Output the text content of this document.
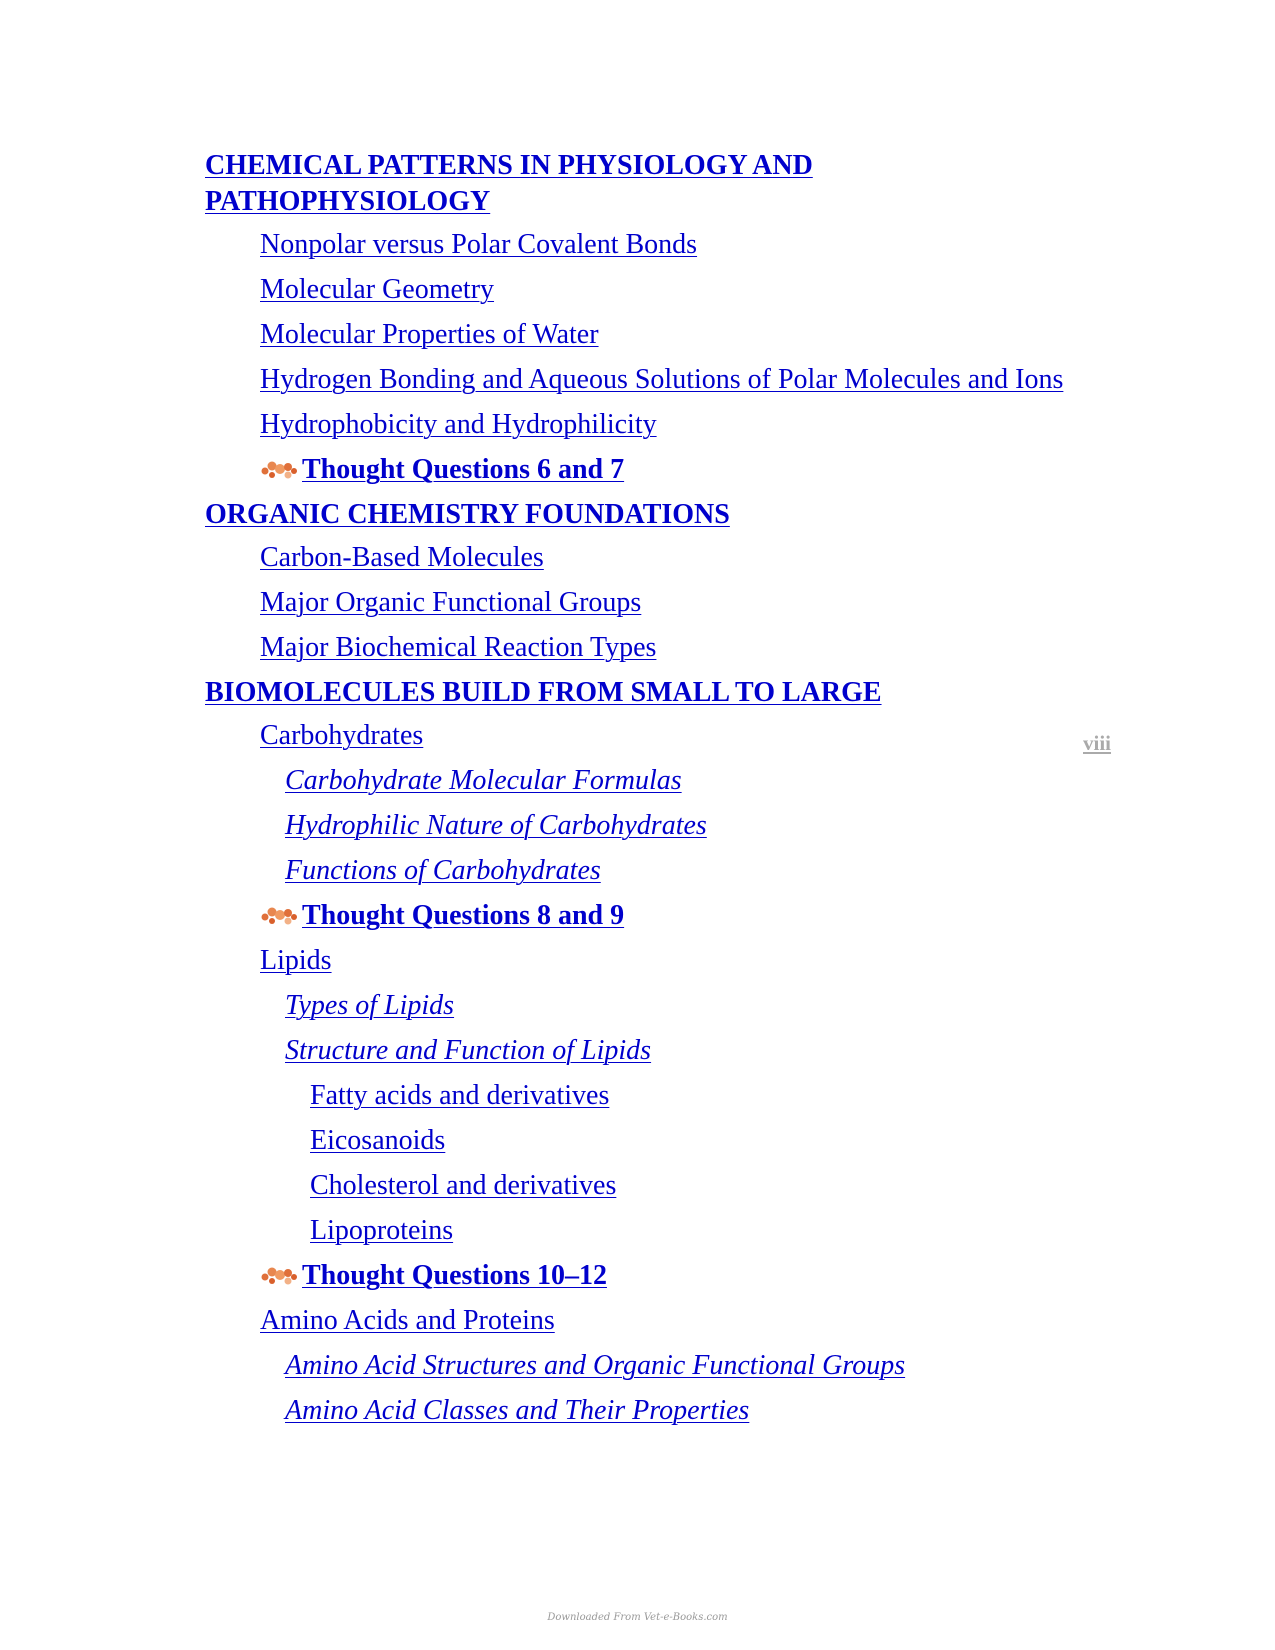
CHEMICAL PATTERNS IN PHYSIOLOGY AND PATHOPHYSIOLOGY
Nonpolar versus Polar Covalent Bonds
Molecular Geometry
Molecular Properties of Water
Hydrogen Bonding and Aqueous Solutions of Polar Molecules and Ions
Hydrophobicity and Hydrophilicity
Thought Questions 6 and 7
ORGANIC CHEMISTRY FOUNDATIONS
Carbon-Based Molecules
Major Organic Functional Groups
Major Biochemical Reaction Types
BIOMOLECULES BUILD FROM SMALL TO LARGE
Carbohydrates
Carbohydrate Molecular Formulas
Hydrophilic Nature of Carbohydrates
Functions of Carbohydrates
Thought Questions 8 and 9
Lipids
Types of Lipids
Structure and Function of Lipids
Fatty acids and derivatives
Eicosanoids
Cholesterol and derivatives
Lipoproteins
Thought Questions 10–12
Amino Acids and Proteins
Amino Acid Structures and Organic Functional Groups
Amino Acid Classes and Their Properties
viii
Downloaded From Vet-e-Books.com
